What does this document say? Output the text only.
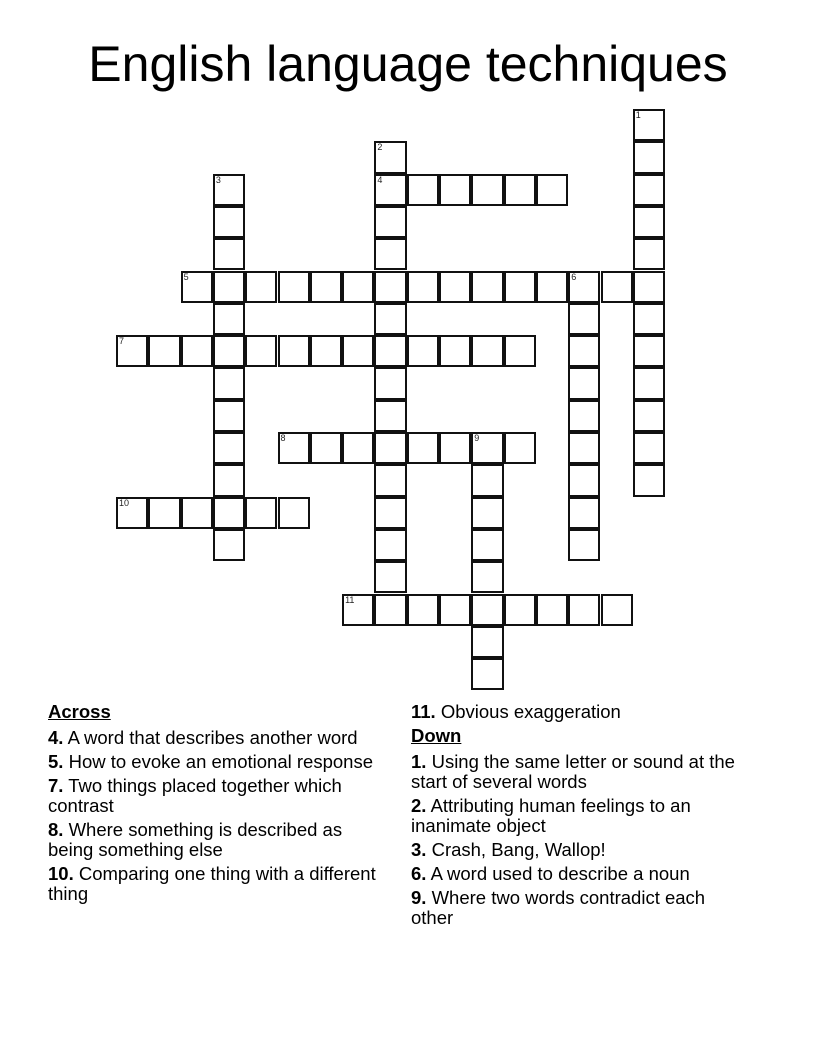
English language techniques
1
2
4
3
5	6
7
8	9
10
11
Across
4. A word that describes another word
5. How to evoke an emotional response
7. Two things placed together which contrast
8. Where something is described as being something else
10. Comparing one thing with a different thing
11. Obvious exaggeration
Down
1. Using the same letter or sound at the start of several words
2. Attributing human feelings to an inanimate object
3. Crash, Bang, Wallop!
6. A word used to describe a noun
9. Where two words contradict each other
